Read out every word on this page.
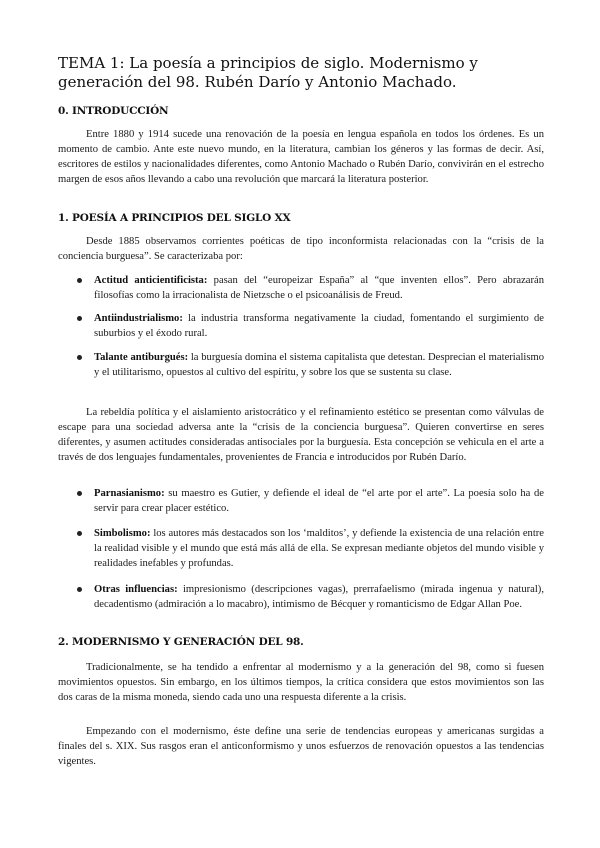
TEMA 1: La poesía a principios de siglo. Modernismo y generación del 98. Rubén Darío y Antonio Machado.
0. INTRODUCCIÓN

Entre 1880 y 1914 sucede una renovación de la poesía en lengua española en todos los órdenes. Es un momento de cambio. Ante este nuevo mundo, en la literatura, cambian los géneros y las formas de decir. Así, escritores de estilos y nacionalidades diferentes, como Antonio Machado o Rubén Darío, convivirán en el estrecho margen de esos años llevando a cabo una revolución que marcará la literatura posterior.

1. POESÍA A PRINCIPIOS DEL SIGLO XX

Desde 1885 observamos corrientes poéticas de tipo inconformista relacionadas con la “crisis de la conciencia burguesa”. Se caracterizaba por:

Actitud anticientificista: pasan del “europeizar España” al “que inventen ellos”. Pero abrazarán filosofías como la irracionalista de Nietzsche o el psicoanálisis de Freud.
Antiindustrialismo: la industria transforma negativamente la ciudad, fomentando el surgimiento de suburbios y el éxodo rural.
Talante antiburgués: la burguesía domina el sistema capitalista que detestan. Desprecian el materialismo y el utilitarismo, opuestos al cultivo del espíritu, y sobre los que se sustenta su clase.

La rebeldía política y el aislamiento aristocrático y el refinamiento estético se presentan como válvulas de escape para una sociedad adversa ante la “crisis de la conciencia burguesa”. Quieren convertirse en seres diferentes, y asumen actitudes consideradas antisociales por la burguesía. Esta concepción se vehicula en el arte a través de dos lenguajes fundamentales, provenientes de Francia e introducidos por Rubén Darío.

Parnasianismo: su maestro es Gutier, y defiende el ideal de “el arte por el arte”. La poesía solo ha de servir para crear placer estético.
Simbolismo: los autores más destacados son los ‘malditos’, y defiende la existencia de una relación entre la realidad visible y el mundo que está más allá de ella. Se expresan mediante objetos del mundo visible y realidades inefables y profundas.
Otras influencias: impresionismo (descripciones vagas), prerrafaelismo (mirada ingenua y natural), decadentismo (admiración a lo macabro), intimismo de Bécquer y romanticismo de Edgar Allan Poe.
2. MODERNISMO Y GENERACIÓN DEL 98.

Tradicionalmente, se ha tendido a enfrentar al modernismo y a la generación del 98, como si fuesen movimientos opuestos. Sin embargo, en los últimos tiempos, la crítica considera que estos movimientos son las dos caras de la misma moneda, siendo cada uno una respuesta diferente a la crisis.

Empezando con el modernismo, éste define una serie de tendencias europeas y americanas surgidas a finales del s. XIX. Sus rasgos eran el anticonformismo y unos esfuerzos de renovación opuestos a las tendencias vigentes.
